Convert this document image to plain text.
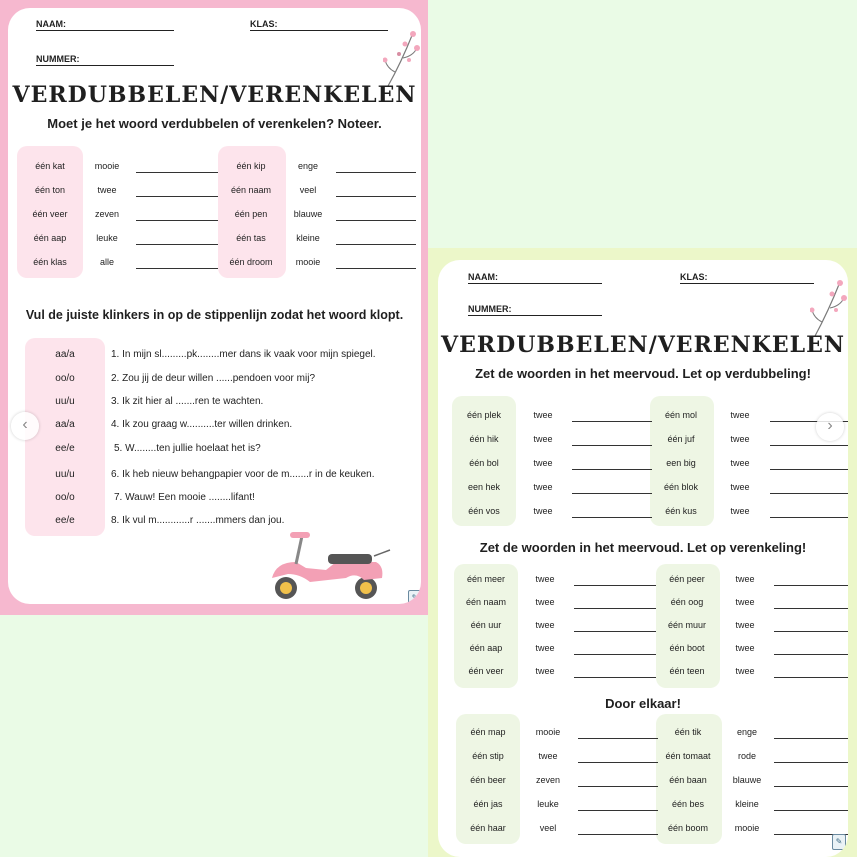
NAAM:	KLAS:
NUMMER:
VERDUBBELEN/VERENKELEN
Moet je het woord verdubbelen of verenkelen? Noteer.
één kat	mooie
één ton	twee
één veer	zeven
één aap	leuke
één klas	alle
één kip	enge
één naam	veel
één pen	blauwe
één tas	kleine
één droom	mooie
Vul de juiste klinkers in op de stippenlijn zodat het woord klopt.
aa/a	1. In mijn sl.........pk........mer dans ik vaak voor mijn spiegel.
oo/o	2. Zou jij de deur willen ......pendoen voor mij?
uu/u	3. Ik zit hier al .......ren te wachten.
aa/a	4. Ik zou graag w..........ter willen drinken.
ee/e	5. W........ten jullie hoelaat het is?
uu/u	6. Ik heb nieuw behangpapier voor de m.......r in de keuken.
oo/o	7. Wauw! Een mooie ........lifant!
ee/e	8. Ik vul m............r .......mmers dan jou.
✎
‹
NAAM:	KLAS:
NUMMER:
VERDUBBELEN/VERENKELEN
Zet de woorden in het meervoud. Let op verdubbeling!
één plek	twee
één hik	twee
één bol	twee
een hek	twee
één vos	twee
één mol	twee
één juf	twee
een big	twee
één blok	twee
één kus	twee
Zet de woorden in het meervoud. Let op verenkeling!
één meer	twee
één naam	twee
één uur	twee
één aap	twee
één veer	twee
één peer	twee
één oog	twee
één muur	twee
één boot	twee
één teen	twee
Door elkaar!
één map	mooie
één stip	twee
één beer	zeven
één jas	leuke
één haar	veel
één tik	enge
één tomaat	rode
één baan	blauwe
één bes	kleine
één boom	mooie
✎
›
